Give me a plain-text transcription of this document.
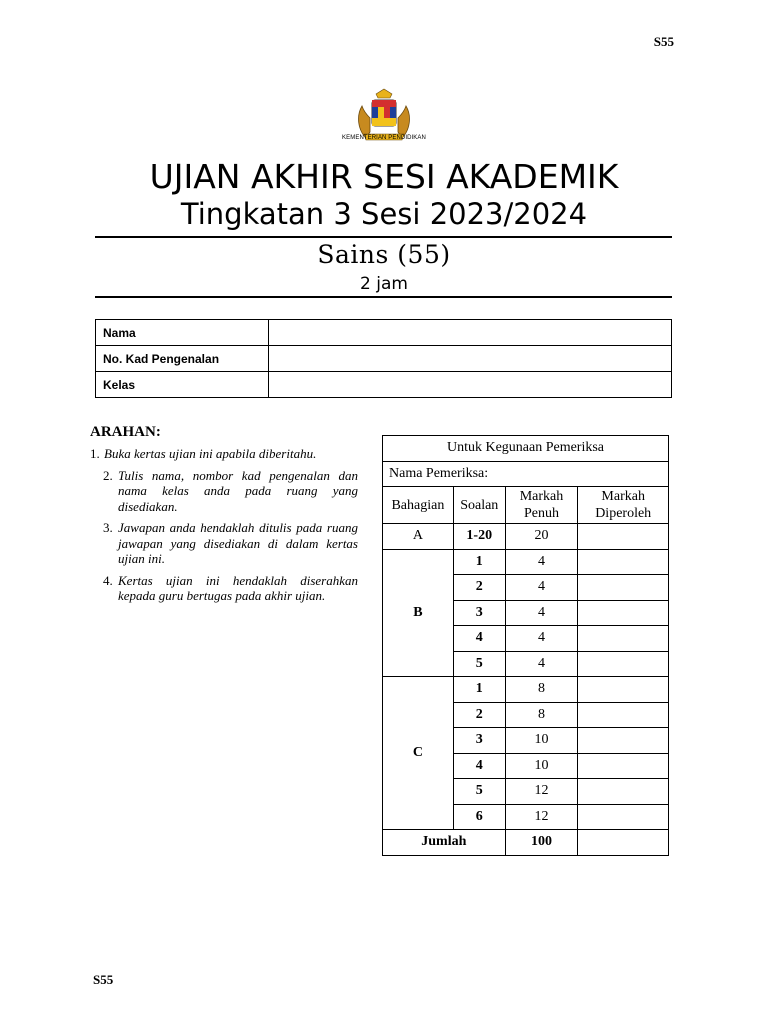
S55
KEMENTERIAN PENDIDIKAN
UJIAN AKHIR SESI AKADEMIK
Tingkatan 3 Sesi 2023/2024
Sains (55)
2 jam
Nama	
No. Kad Pengenalan	
Kelas	
ARAHAN:
1. Buka kertas ujian ini apabila diberitahu.
2. Tulis nama, nombor kad pengenalan dan nama kelas anda pada ruang yang disediakan.
3. Jawapan anda hendaklah ditulis pada ruang jawapan yang disediakan di dalam kertas ujian ini.
4. Kertas ujian ini hendaklah diserahkan kepada guru bertugas pada akhir ujian.
Untuk Kegunaan Pemeriksa			
Nama Pemeriksa:			
Bahagian	Soalan	Markah Penuh	Markah Diperoleh
A	1-20	20	
B	1	4	
	2	4	
	3	4	
	4	4	
	5	4	
C	1	8	
	2	8	
	3	10	
	4	10	
	5	12	
	6	12	
Jumlah		100	
S55
